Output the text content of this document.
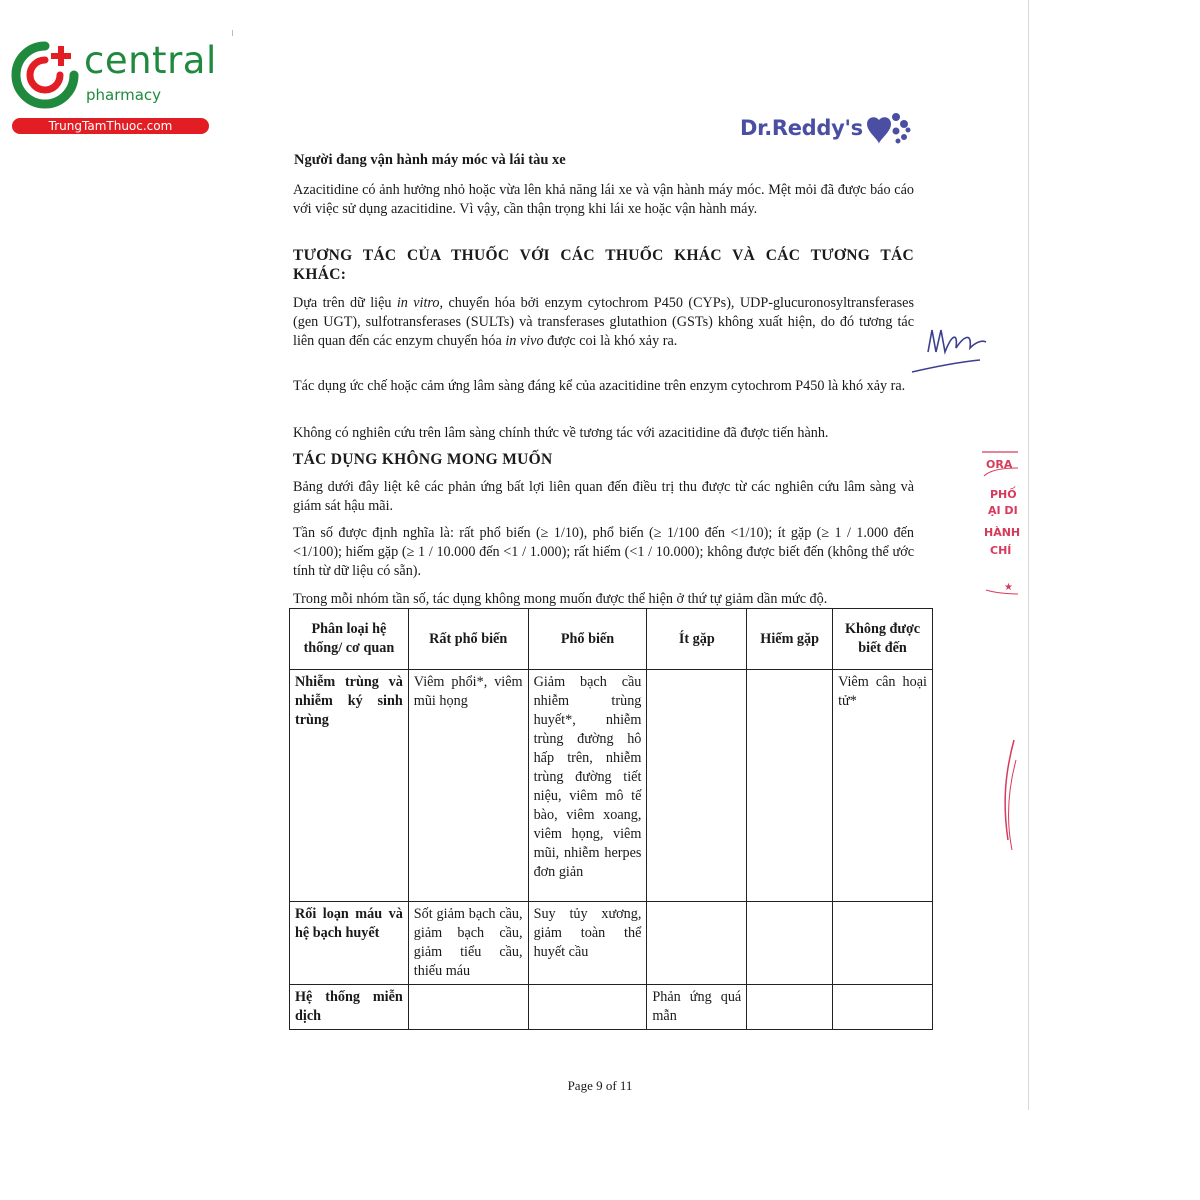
central
pharmacy
TrungTamThuoc.com	Dr.Reddy's
Người đang vận hành máy móc và lái tàu xe

Azacitidine có ảnh hưởng nhỏ hoặc vừa lên khả năng lái xe và vận hành máy móc. Mệt mỏi đã được báo cáo với việc sử dụng azacitidine. Vì vậy, cần thận trọng khi lái xe hoặc vận hành máy.

TƯƠNG TÁC CỦA THUỐC VỚI CÁC THUỐC KHÁC VÀ CÁC TƯƠNG TÁC
KHÁC:

Dựa trên dữ liệu in vitro, chuyển hóa bởi enzym cytochrom P450 (CYPs), UDP-glucuronosyltransferases (gen UGT), sulfotransferases (SULTs) và transferases glutathion (GSTs) không xuất hiện, do đó tương tác liên quan đến các enzym chuyển hóa in vivo được coi là khó xảy ra.

Tác dụng ức chế hoặc cảm ứng lâm sàng đáng kể của azacitidine trên enzym cytochrom P450 là khó xảy ra.

Không có nghiên cứu trên lâm sàng chính thức về tương tác với azacitidine đã được tiến hành.

TÁC DỤNG KHÔNG MONG MUỐN

Bảng dưới đây liệt kê các phản ứng bất lợi liên quan đến điều trị thu được từ các nghiên cứu lâm sàng và giám sát hậu mãi.

Tần số được định nghĩa là: rất phổ biến (≥ 1/10), phổ biến (≥ 1/100 đến <1/10); ít gặp (≥ 1 / 1.000 đến <1/100); hiếm gặp (≥ 1 / 10.000 đến <1 / 1.000); rất hiếm (<1 / 10.000); không được biết đến (không thể ước tính từ dữ liệu có sẵn).

Trong mỗi nhóm tần số, tác dụng không mong muốn được thể hiện ở thứ tự giảm dần mức độ.

Phân loại hệ thống/ cơ quan	Rất phổ biến	Phổ biến	Ít gặp	Hiếm gặp	Không được biết đến
Nhiễm trùng và nhiễm ký sinh trùng	Viêm phổi*, viêm mũi họng	Giảm bạch cầu nhiễm trùng huyết*, nhiễm trùng đường hô hấp trên, nhiễm trùng đường tiết niệu, viêm mô tế bào, viêm xoang, viêm họng, viêm mũi, nhiễm herpes đơn giản			Viêm cân hoại tử*
Rối loạn máu và hệ bạch huyết	Sốt giảm bạch cầu, giảm bạch cầu, giảm tiểu cầu, thiếu máu	Suy tủy xương, giảm toàn thể huyết cầu			
Hệ thống miễn dịch			Phản ứng quá mẫn		
ORA
PHỐ
ẠI DI
HÀNH
CHÍ
★
Page 9 of 11
